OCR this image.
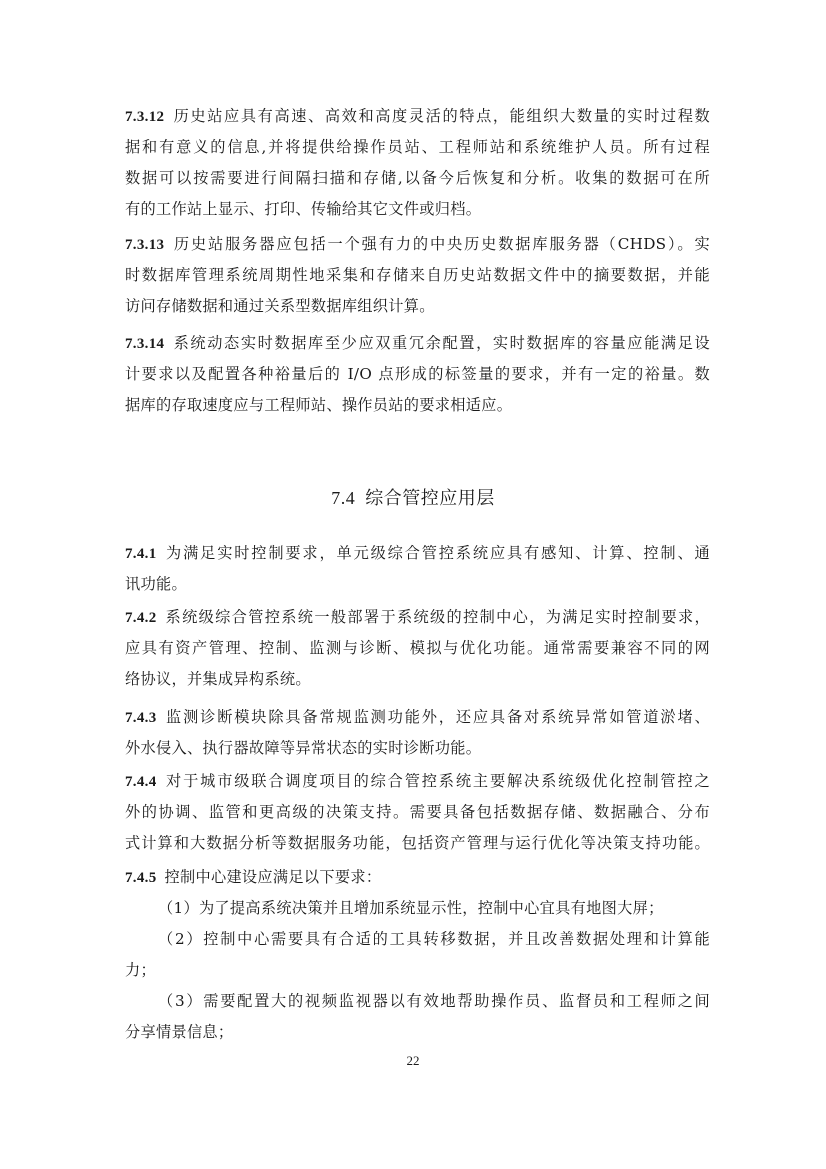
7.3.12 历史站应具有高速、高效和高度灵活的特点，能组织大数量的实时过程数
据和有意义的信息,并将提供给操作员站、工程师站和系统维护人员。所有过程
数据可以按需要进行间隔扫描和存储,以备今后恢复和分析。收集的数据可在所
有的工作站上显示、打印、传输给其它文件或归档。
7.3.13 历史站服务器应包括一个强有力的中央历史数据库服务器（CHDS）。实
时数据库管理系统周期性地采集和存储来自历史站数据文件中的摘要数据，并能
访问存储数据和通过关系型数据库组织计算。
7.3.14 系统动态实时数据库至少应双重冗余配置，实时数据库的容量应能满足设
计要求以及配置各种裕量后的 I/O 点形成的标签量的要求，并有一定的裕量。数
据库的存取速度应与工程师站、操作员站的要求相适应。
7.4 综合管控应用层
7.4.1 为满足实时控制要求，单元级综合管控系统应具有感知、计算、控制、通
讯功能。
7.4.2 系统级综合管控系统一般部署于系统级的控制中心，为满足实时控制要求，
应具有资产管理、控制、监测与诊断、模拟与优化功能。通常需要兼容不同的网
络协议，并集成异构系统。
7.4.3 监测诊断模块除具备常规监测功能外，还应具备对系统异常如管道淤堵、
外水侵入、执行器故障等异常状态的实时诊断功能。
7.4.4 对于城市级联合调度项目的综合管控系统主要解决系统级优化控制管控之
外的协调、监管和更高级的决策支持。需要具备包括数据存储、数据融合、分布
式计算和大数据分析等数据服务功能，包括资产管理与运行优化等决策支持功能。
7.4.5 控制中心建设应满足以下要求：
（1）为了提高系统决策并且增加系统显示性，控制中心宜具有地图大屏；
（2）控制中心需要具有合适的工具转移数据，并且改善数据处理和计算能
力；
（3）需要配置大的视频监视器以有效地帮助操作员、监督员和工程师之间
分享情景信息；
22
